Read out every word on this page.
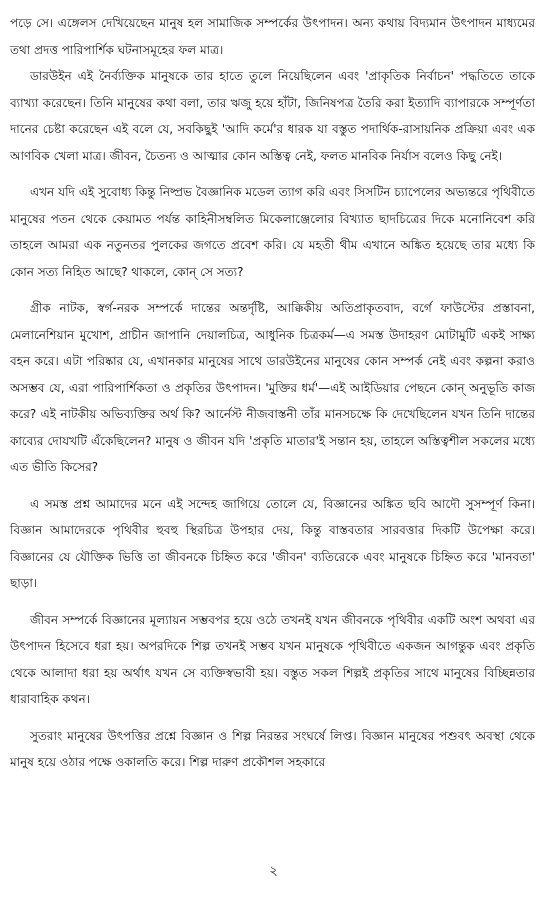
পড়ে সে। এঙ্গেলস দেখিয়েছেন মানুষ হল সামাজিক সম্পর্কের উৎপাদন। অন্য কথায় বিদ্যমান উৎপাদন মাধ্যমের তথা প্রদত্ত পারিপার্শিক ঘটনাসমূহের ফল মাত্র।

ডারউইন এই নৈর্ব্যক্তিক মানুষকে তার হাতে তুলে নিয়েছিলেন এবং 'প্রাকৃতিক নির্বাচন' পদ্ধতিতে তাকে ব্যাখ্যা করেছেন। তিনি মানুষের কথা বলা, তার ঋজু হয়ে হাঁটা, জিনিষপত্র তৈরি করা ইত্যাদি ব্যাপারকে সম্পূর্ণতা দানের চেষ্টা করেছেন এই বলে যে, সবকিছুই 'আদি কর্মে'র ধারক যা বস্তুত পদার্থিক-রাসায়নিক প্রক্রিয়া এবং এক আণবিক খেলা মাত্র। জীবন, চৈতন্য ও আত্মার কোন অস্তিত্ব নেই, ফলত মানবিক নির্যাস বলেও কিছু নেই।

এখন যদি এই সুবোধ্য কিন্তু নিষ্প্রভ বৈজ্ঞানিক মডেল ত্যাগ করি এবং সিসটিন চ্যাপেলের অভ্যন্তরে পৃথিবীতে মানুষের পতন থেকে কেয়ামত পর্যন্ত কাহিনীসম্বলিত মিকেলাঞ্জেলোর বিখ্যাত ছাদচিত্রের দিকে মনোনিবেশ করি তাহলে আমরা এক নতুনতর পুলকের জগতে প্রবেশ করি। যে মহতী থীম এখানে অঙ্কিত হয়েছে তার মধ্যে কি কোন সত্য নিহিত আছে? থাকলে, কোন্ সে সত্য?

গ্রীক নাটক, স্বর্গ-নরক সম্পর্কে দান্তের অন্তর্দৃষ্টি, আক্কিকীয় অতিপ্রাকৃতবাদ, বর্গে ফাউস্টের প্রস্তাবনা, মেলানেশিয়ান মুখোশ, প্রাচীন জাপানি দেয়ালচিত্র, আধুনিক চিত্রকর্ম—এ সমস্ত উদাহরণ মোটামুটি একই সাক্ষ্য বহন করে। এটা পরিষ্কার যে, এখানকার মানুষের সাথে ডারউইনের মানুষের কোন সম্পর্ক নেই এবং কল্পনা করাও অসম্ভব যে, এরা পারিপার্শিকতা ও প্রকৃতির উৎপাদন। 'মুক্তির ধর্ম'—এই আইডিয়ার পেছনে কোন্ অনুভূতি কাজ করে? এই নাটকীয় অভিব্যক্তির অর্থ কি? আর্নেস্ট নীজবাস্তনী তাঁর মানসচক্ষে কি দেখেছিলেন যখন তিনি দান্তের কাব্যের দোযখটি এঁকেছিলেন? মানুষ ও জীবন যদি 'প্রকৃতি মাতার'ই সন্তান হয়, তাহলে অস্তিত্বশীল সকলের মধ্যে এত ভীতি কিসের?

এ সমস্ত প্রশ্ন আমাদের মনে এই সন্দেহ জাগিয়ে তোলে যে, বিজ্ঞানের অঙ্কিত ছবি আদৌ সুসম্পূর্ণ কিনা। বিজ্ঞান আমাদেরকে পৃথিবীর হুবহু স্থিরচিত্র উপহার দেয়, কিন্তু বাস্তবতার সারবত্তার দিকটি উপেক্ষা করে। বিজ্ঞানের যে যৌক্তিক ভিত্তি তা জীবনকে চিহ্নিত করে 'জীবন' ব্যতিরেকে এবং মানুষকে চিহ্নিত করে 'মানবতা' ছাড়া।

জীবন সম্পর্কে বিজ্ঞানের মূল্যায়ন সম্ভবপর হয়ে ওঠে তখনই যখন জীবনকে পৃথিবীর একটি অংশ অথবা এর উৎপাদন হিসেবে ধরা হয়। অপরদিকে শিল্প তখনই সম্ভব যখন মানুষকে পৃথিবীতে একজন আগন্তুক এবং প্রকৃতি থেকে আলাদা ধরা হয় অর্থাৎ যখন সে ব্যক্তিস্বভাবী হয়। বস্তুত সকল শিল্পই প্রকৃতির সাথে মানুষের বিচ্ছিন্নতার ধারাবাহিক কথন।

সুতরাং মানুষের উৎপত্তির প্রশ্নে বিজ্ঞান ও শিল্প নিরন্তর সংঘর্ষে লিপ্ত। বিজ্ঞান মানুষের পশুবৎ অবস্থা থেকে মানুষ হয়ে ওঠার পক্ষে ওকালতি করে। শিল্প দারুণ প্রকৌশল সহকারে

২
